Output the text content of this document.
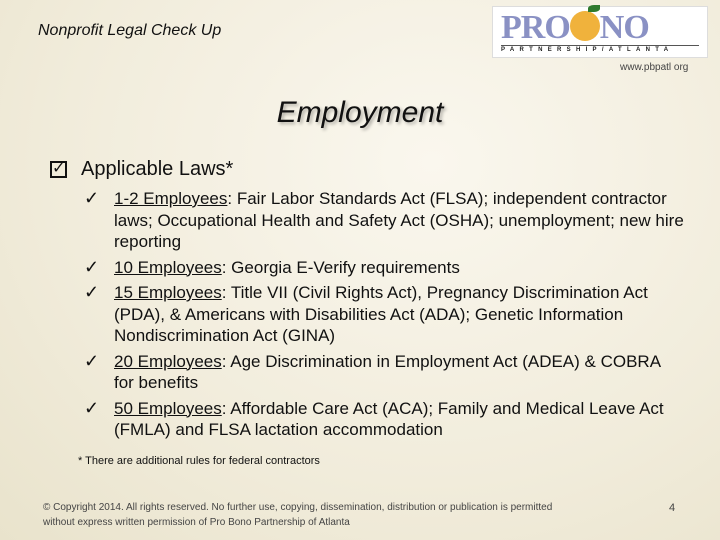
Nonprofit Legal Check Up	PRO NO
PARTNERSHIP/ATLANTA
www.pbpatl org
Employment
✓ Applicable Laws*
✓ 1-2 Employees: Fair Labor Standards Act (FLSA); independent contractor laws; Occupational Health and Safety Act (OSHA); unemployment; new hire reporting
✓ 10 Employees: Georgia E-Verify requirements
✓ 15 Employees: Title VII (Civil Rights Act), Pregnancy Discrimination Act (PDA), & Americans with Disabilities Act (ADA); Genetic Information Nondiscrimination Act (GINA)
✓ 20 Employees: Age Discrimination in Employment Act (ADEA) & COBRA for benefits
✓ 50 Employees: Affordable Care Act (ACA); Family and Medical Leave Act (FMLA) and FLSA lactation accommodation
* There are additional rules for federal contractors
© Copyright 2014. All rights reserved. No further use, copying, dissemination, distribution or publication is permitted without express written permission of Pro Bono Partnership of Atlanta
4
